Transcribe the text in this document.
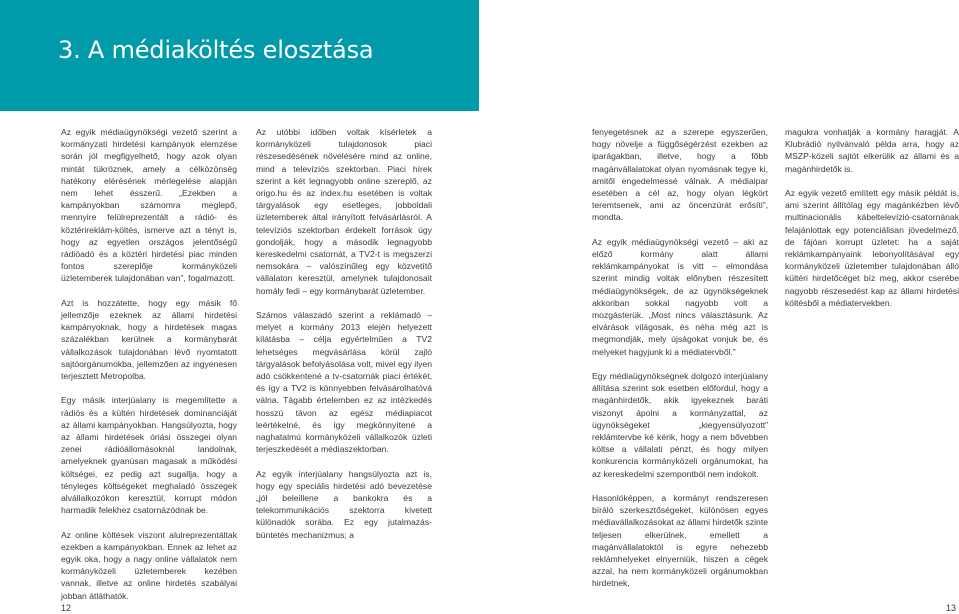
3. A médiaköltés elosztása

Az egyik médiaügynökségi vezető szerint a kormányzati hirdetési kampányok elemzése során jól megfigyelhető, hogy azok olyan mintát tükröznek, amely a célközönség hatékony elérésének mérlegelése alapján nem lehet ésszerű. „Ezekben a kampányokban számomra meglepő, mennyire felülreprezentált a rádió- és köztérireklám-költés, ismerve azt a tényt is, hogy az egyetlen országos jelentőségű rádióadó és a köztéri hirdetési piac minden fontos szereplője kormányközeli üzletemberek tulajdonában van”, fogalmazott.

Azt is hozzátette, hogy egy másik fő jellemzője ezeknek az állami hirdetési kampányoknak, hogy a hirdetések magas százalékban kerülnek a kormánybarát vállalkozások tulajdonában lévő nyomtatott sajtóorgánumokba, jellemzően az ingyenesen terjesztett Metropolba.

Egy másik interjúalany is megemlítette a rádiós és a kültéri hirdetések dominanciáját az állami kampányokban. Hangsúlyozta, hogy az állami hirdetések óriási összegei olyan zenei rádióállomásoknál landolnak, amelyeknek gyanúsan magasak a működési költségei, ez pedig azt sugallja, hogy a tényleges költségeket meghaladó összegek alvállalkozókon keresztül, korrupt módon harmadik felekhez csatornázódnak be.

Az online költések viszont alulreprezentáltak ezekben a kampányokban. Ennek az lehet az egyik oka, hogy a nagy online vállalatok nem kormányközeli üzletemberek kezében vannak, illetve az online hirdetés szabályai jobban átláthatók.

Az utóbbi időben voltak kísérletek a kormányközeli tulajdonosok piaci részesedésének növelésére mind az online, mind a televíziós szektorban. Piaci hírek szerint a két legnagyobb online szereplő, az origo.hu és az index.hu esetében is voltak tárgyalások egy esetleges, jobboldali üzletemberek által irányított felvásárlásról. A televíziós szektorban érdekelt források úgy gondolják, hogy a második legnagyobb kereskedelmi csatornát, a TV2-t is megszerzi nemsokára – valószínűleg egy közvetítő vállalaton keresztül, amelynek tulajdonosait homály fedi – egy kormánybarát üzletember.

Számos válaszadó szerint a reklámadó – melyet a kormány 2013 elején helyezett kilátásba – célja egyértelműen a TV2 lehetséges megvásárlása körül zajló tárgyalások befolyásolása volt, mivel egy ilyen adó csökkentené a tv-csatornák piaci értékét, és így a TV2 is könnyebben felvásárolhatóvá válna. Tágabb értelemben ez az intézkedés hosszú távon az egész médiapiacot leértékelné, és így megkönnyítené a naghatalmú kormányközeli vállalkozók üzleti terjeszkedését a médiaszektorban.

Az egyik interjúalany hangsúlyozta azt is, hogy egy speciális hirdetési adó bevezetése „jól beleillene a bankokra és a telekommunikációs szektorra kivetett különadók sorába. Ez egy jutalmazás-büntetés mechanizmus; a

fenyegetésnek az a szerepe egyszerűen, hogy növelje a függőségérzést ezekben az iparágakban, illetve, hogy a főbb magánvállalatokat olyan nyomásnak tegye ki, amitől engedelmessé válnak. A médiaipar esetében a cél az, hogy olyan légkört teremtsenek, ami az öncenzúrát erősíti”, mondta.

Az egyik médiaügynökségi vezető – aki az előző kormány alatt állami reklámkampányokat is vitt – elmondása szerint mindig voltak előnyben részesített médiaügynökségek, de az ügynökségeknek akkoriban sokkal nagyobb volt a mozgásterük. „Most nincs választásunk. Az elvárások világosak, és néha még azt is megmondják, mely újságokat vonjuk be, és melyeket hagyjunk ki a médiatervből.”

Egy médiaügynökségnek dolgozó interjúalany állítása szerint sok esetben előfordul, hogy a magánhirdetők, akik igyekeznek baráti viszonyt ápolni a kormányzattal, az ügynökségeket „kiegyensúlyozott” reklámtervbe ké kérik, hogy a nem bővebben költse a vállalati pénzt, és hogy milyen konkurencia kormányközeli orgánumokat, ha az kereskedelmi szempontból nem indokolt.

Hasonlóképpen, a kormányt rendszeresen bíráló szerkesztőségeket, különösen egyes médiavállalkozásokat az állami hirdetők szinte teljesen elkerülnek, emellett a magánvállalatoktól is egyre nehezebb reklámhelyeket elnyerniük, hiszen a cégek azzal, ha nem kormányközeli orgánumokban hirdetnek,

magukra vonhatják a kormány haragját. A Klubrádió nyilvánvaló példa arra, hogy az MSZP-közeli sajtót elkerülik az állami és a magánhirdetők is.

Az egyik vezető említett egy másik példát is, ami szerint állítólag egy magánkézben lévő multinacionális kábeltelevízió-csatornának felajánlottak egy potenciálisan jövedelmező, de fájóan korrupt üzletet: ha a saját reklámkampányaink lebonyolításával egy kormányközeli üzletember tulajdonában álló kültéri hirdetőcéget bíz meg, akkor cserébe nagyobb részesedést kap az állami hirdetési költésből a médiatervekben.

12	13
